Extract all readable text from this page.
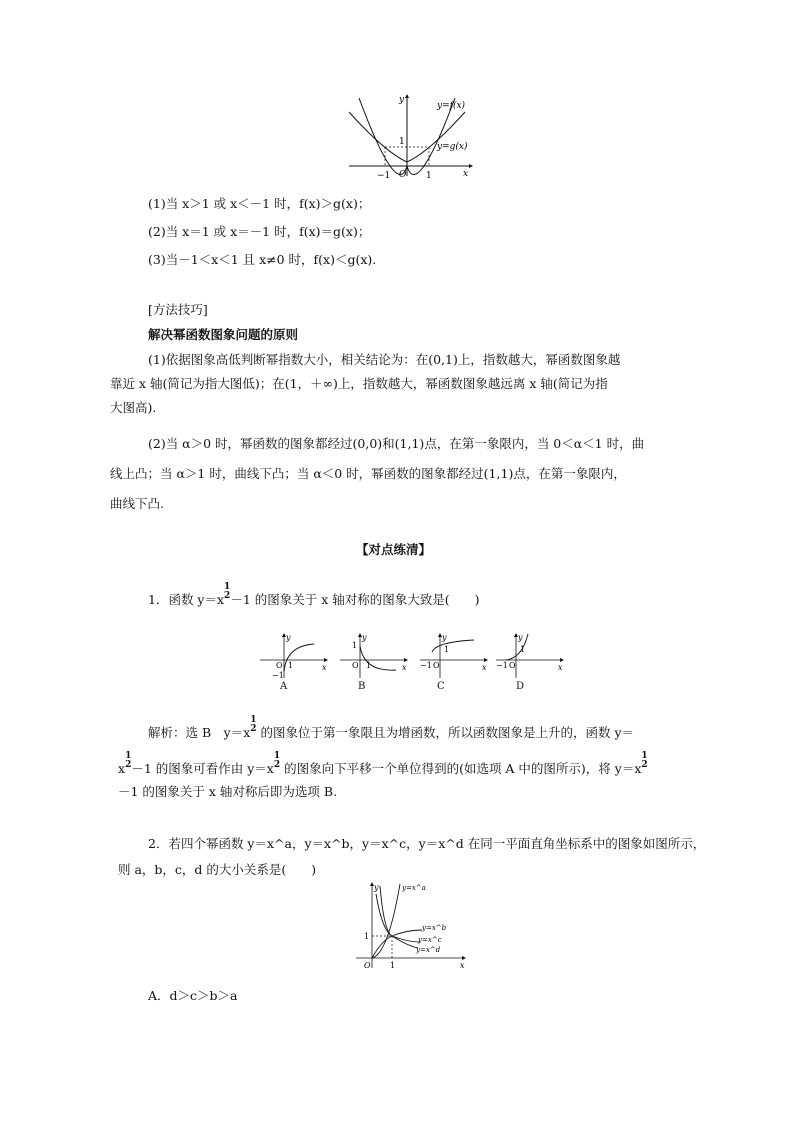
y
x
O
−1	1
1
y=f(x)
y=g(x)
(1)当 x＞1 或 x＜－1 时，f(x)＞g(x)；
(2)当 x＝1 或 x＝－1 时，f(x)＝g(x)；
(3)当－1＜x＜1 且 x≠0 时，f(x)＜g(x).
[方法技巧]
解决幂函数图象问题的原则
(1)依据图象高低判断幂指数大小，相关结论为：在(0,1)上，指数越大，幂函数图象越
靠近 x 轴(简记为指大图低)；在(1，＋∞)上，指数越大，幂函数图象越远离 x 轴(简记为指
大图高).
(2)当 α＞0 时，幂函数的图象都经过(0,0)和(1,1)点，在第一象限内，当 0＜α＜1 时，曲
线上凸；当 α＞1 时，曲线下凸；当 α＜0 时，幂函数的图象都经过(1,1)点，在第一象限内，
曲线下凸.
【对点练清】
1．函数 y＝x1
2－1 的图象关于 x 轴对称的图象大致是(　　)
y
x
O 1
−1
y
x
O 1
1
y
x
−1 O
1
y
x
−1 O
1
A	B	C	D
解析：选 B　y＝x1
2 的图象位于第一象限且为增函数，所以函数图象是上升的，函数 y＝
x1
2－1 的图象可看作由 y＝x1
2 的图象向下平移一个单位得到的(如选项 A 中的图所示)，将 y＝x1
2
－1 的图象关于 x 轴对称后即为选项 B.
2．若四个幂函数 y＝x^a，y＝x^b，y＝x^c，y＝x^d 在同一平面直角坐标系中的图象如图所示，
则 a，b，c，d 的大小关系是(　　)
y
x
O 1
1
y=x^a
y=x^b
y=x^c
y=x^d
A．d＞c＞b＞a
